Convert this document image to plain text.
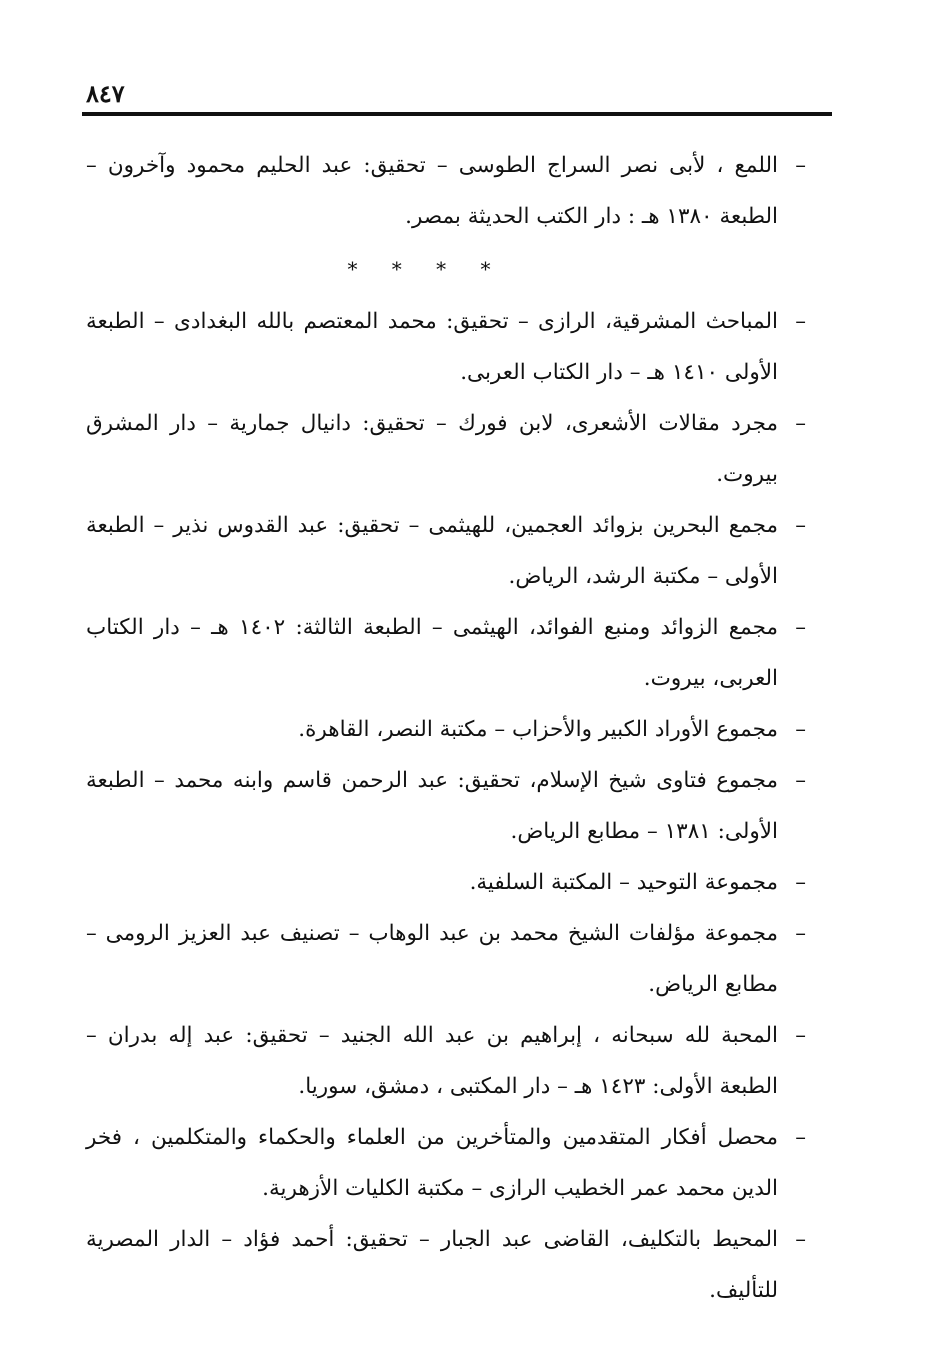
٨٤٧
–
اللمع ، لأبى نصر السراج الطوسى – تحقيق: عبد الحليم محمود وآخرون – الطبعة ١٣٨٠ هـ : دار الكتب الحديثة بمصر.
* * * *
–
المباحث المشرقية، الرازى – تحقيق: محمد المعتصم بالله البغدادى – الطبعة الأولى ١٤١٠ هـ – دار الكتاب العربى.
–
مجرد مقالات الأشعرى، لابن فورك – تحقيق: دانيال جمارية – دار المشرق بيروت.
–
مجمع البحرين بزوائد العجمين، للهيثمى – تحقيق: عبد القدوس نذير – الطبعة الأولى – مكتبة الرشد، الرياض.
–
مجمع الزوائد ومنبع الفوائد، الهيثمى – الطبعة الثالثة: ١٤٠٢ هـ – دار الكتاب العربى، بيروت.
–
مجموع الأوراد الكبير والأحزاب – مكتبة النصر، القاهرة.
–
مجموع فتاوى شيخ الإسلام، تحقيق: عبد الرحمن قاسم وابنه محمد – الطبعة الأولى: ١٣٨١ – مطابع الرياض.
–
مجموعة التوحيد – المكتبة السلفية.
–
مجموعة مؤلفات الشيخ محمد بن عبد الوهاب – تصنيف عبد العزيز الرومى – مطابع الرياض.
–
المحبة لله سبحانه ، إبراهيم بن عبد الله الجنيد – تحقيق: عبد إله بدران – الطبعة الأولى: ١٤٢٣ هـ – دار المكتبى ، دمشق، سوريا.
–
محصل أفكار المتقدمين والمتأخرين من العلماء والحكماء والمتكلمين ، فخر الدين محمد عمر الخطيب الرازى – مكتبة الكليات الأزهرية.
–
المحيط بالتكليف، القاضى عبد الجبار – تحقيق: أحمد فؤاد – الدار المصرية للتأليف.
